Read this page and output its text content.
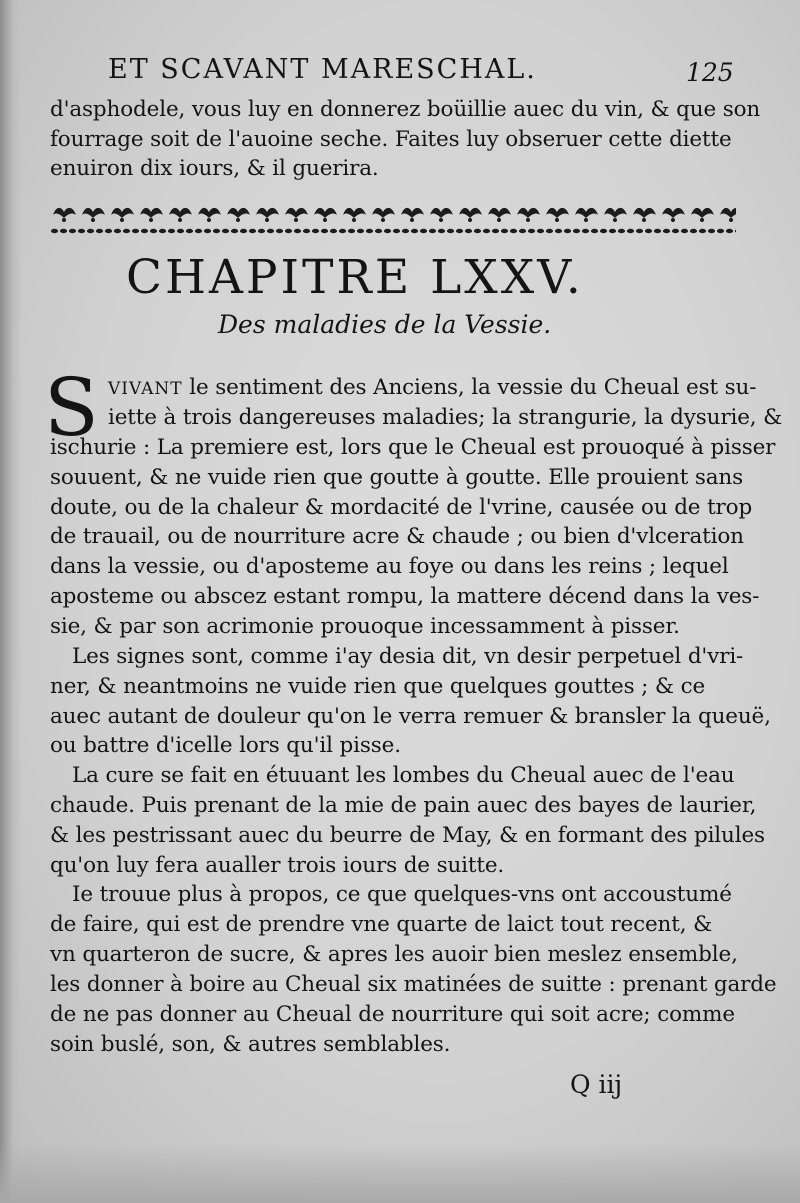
ET SCAVANT MARESCHAL.	125
d'asphodele, vous luy en donnerez boüillie auec du vin, & que son
fourrage soit de l'auoine seche. Faites luy obseruer cette diette
enuiron dix iours, & il guerira.
CHAPITRE LXXV.
Des maladies de la Vessie.
S VIVANT le sentiment des Anciens, la vessie du Cheual est su-
iette à trois dangereuses maladies; la strangurie, la dysurie, &
ischurie : La premiere est, lors que le Cheual est prouoqué à pisser
souuent, & ne vuide rien que goutte à goutte. Elle prouient sans
doute, ou de la chaleur & mordacité de l'vrine, causée ou de trop
de trauail, ou de nourriture acre & chaude ; ou bien d'vlceration
dans la vessie, ou d'aposteme au foye ou dans les reins ; lequel
aposteme ou abscez estant rompu, la mattere décend dans la ves-
sie, & par son acrimonie prouoque incessamment à pisser.
Les signes sont, comme i'ay desia dit, vn desir perpetuel d'vri-
ner, & neantmoins ne vuide rien que quelques gouttes ; & ce
auec autant de douleur qu'on le verra remuer & bransler la queuë,
ou battre d'icelle lors qu'il pisse.
La cure se fait en étuuant les lombes du Cheual auec de l'eau
chaude. Puis prenant de la mie de pain auec des bayes de laurier,
& les pestrissant auec du beurre de May, & en formant des pilules
qu'on luy fera aualler trois iours de suitte.
Ie trouue plus à propos, ce que quelques-vns ont accoustumé
de faire, qui est de prendre vne quarte de laict tout recent, &
vn quarteron de sucre, & apres les auoir bien meslez ensemble,
les donner à boire au Cheual six matinées de suitte : prenant garde
de ne pas donner au Cheual de nourriture qui soit acre; comme
soin buslé, son, & autres semblables.
Q iij
